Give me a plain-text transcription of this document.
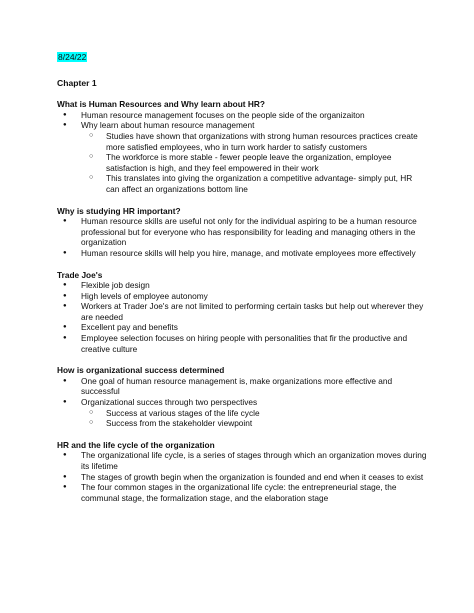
8/24/22
Chapter 1
What is Human Resources and Why learn about HR?
● Human resource management focuses on the people side of the organizaiton
● Why learn about human resource management
○ Studies have shown that organizations with strong human resources practices create more satisfied employees, who in turn work harder to satisfy customers
○ The workforce is more stable - fewer people leave the organization, employee satisfaction is high, and they feel empowered in their work
○ This translates into giving the organization a competitive advantage- simply put, HR can affect an organizations bottom line
Why is studying HR important?
● Human resource skills are useful not only for the individual aspiring to be a human resource professional but for everyone who has responsibility for leading and managing others in the organization
● Human resource skills will help you hire, manage, and motivate employees more effectively
Trade Joe's
● Flexible job design
● High levels of employee autonomy
● Workers at Trader Joe's are not limited to performing certain tasks but help out wherever they are needed
● Excellent pay and benefits
● Employee selection focuses on hiring people with personalities that fir the productive and creative culture
How is organizational success determined
● One goal of human resource management is, make organizations more effective and successful
● Organizational succes through two perspectives
○ Success at various stages of the life cycle
○ Success from the stakeholder viewpoint
HR and the life cycle of the organization
● The organizational life cycle, is a series of stages through which an organization moves during its lifetime
● The stages of growth begin when the organization is founded and end when it ceases to exist
● The four common stages in the organizational life cycle: the entrepreneurial stage, the communal stage, the formalization stage, and the elaboration stage
